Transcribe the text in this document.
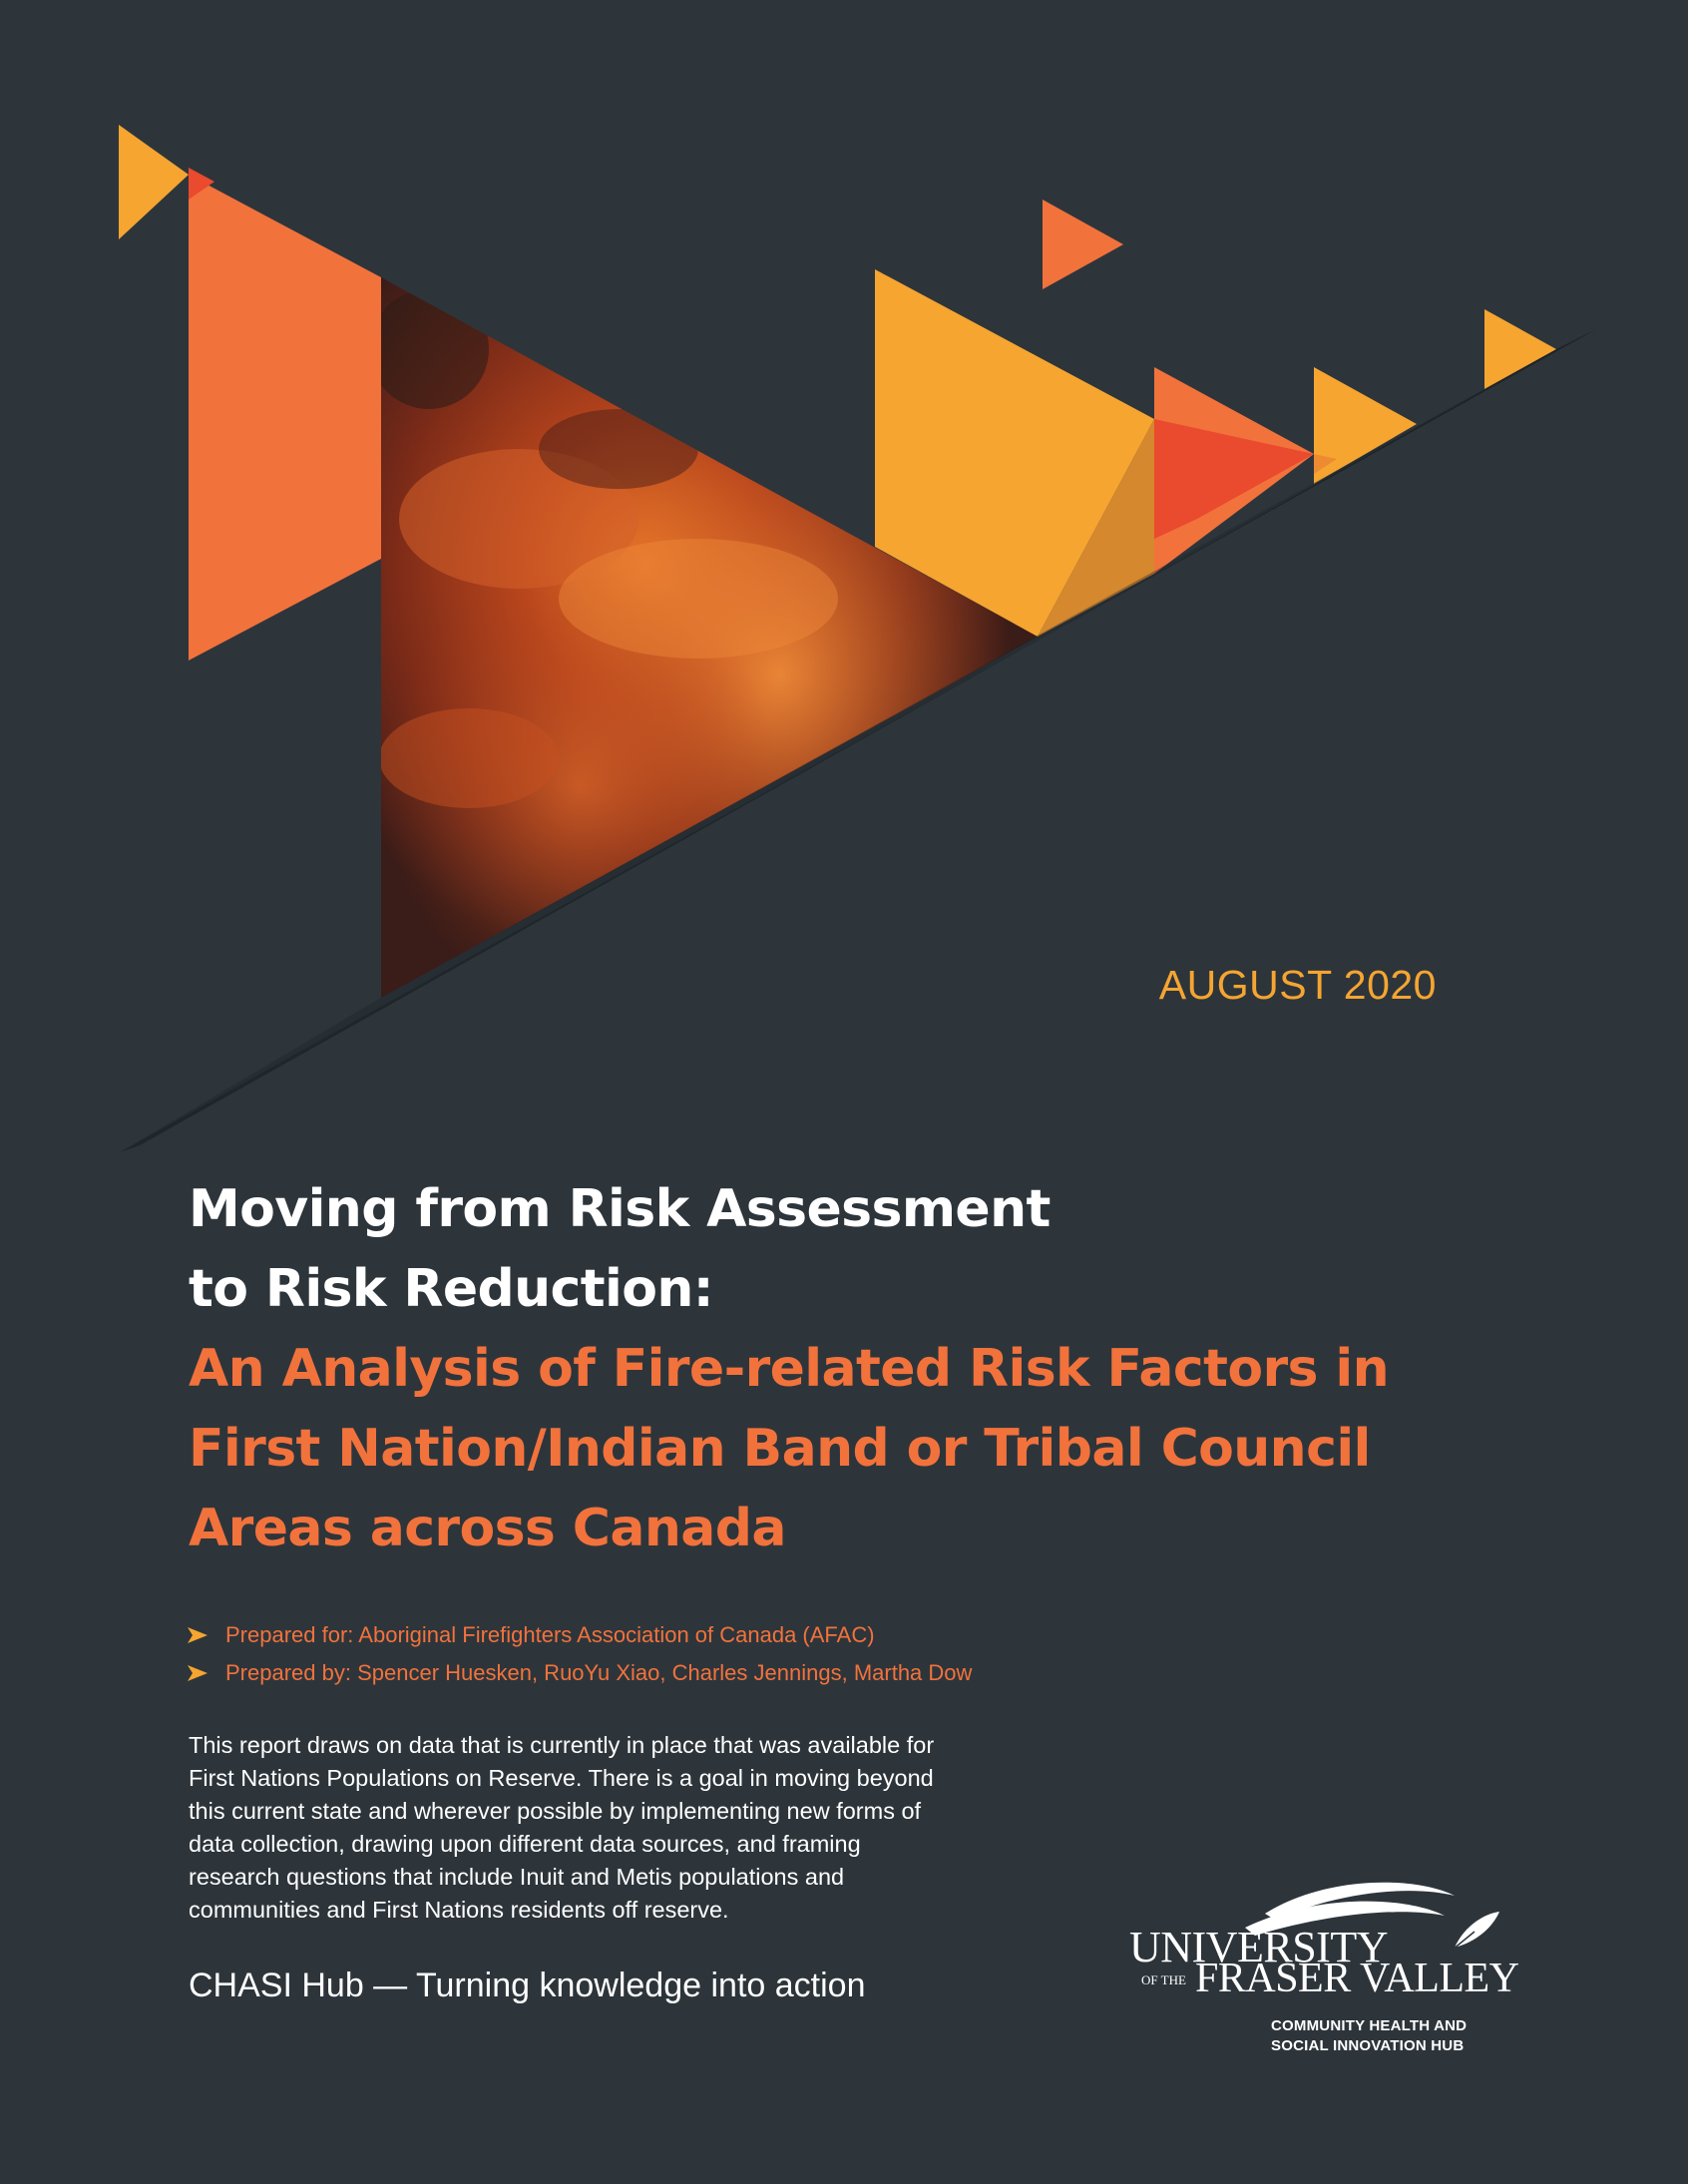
AUGUST 2020
Moving from Risk Assessment
to Risk Reduction:
An Analysis of Fire-related Risk Factors in
First Nation/Indian Band or Tribal Council
Areas across Canada
Prepared for: Aboriginal Firefighters Association of Canada (AFAC)
Prepared by: Spencer Huesken, RuoYu Xiao, Charles Jennings, Martha Dow
This report draws on data that is currently in place that was available for
First Nations Populations on Reserve. There is a goal in moving beyond
this current state and wherever possible by implementing new forms of
data collection, drawing upon different data sources, and framing
research questions that include Inuit and Metis populations and
communities and First Nations residents off reserve.
CHASI Hub — Turning knowledge into action
UNIVERSITY
OF THE FRASER VALLEY
COMMUNITY HEALTH AND
SOCIAL INNOVATION HUB
